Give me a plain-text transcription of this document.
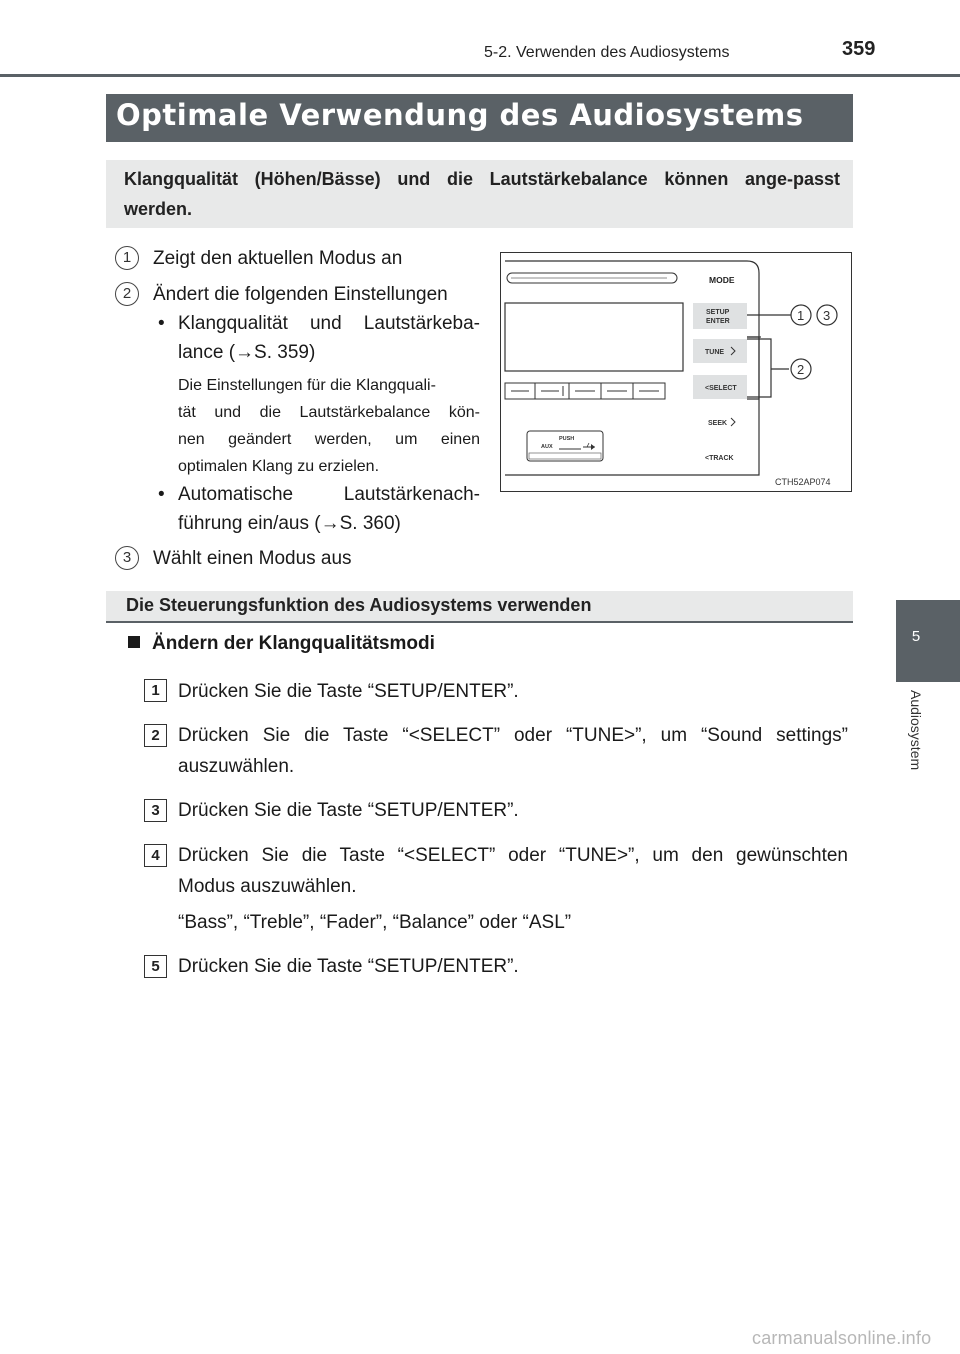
5-2. Verwenden des Audiosystems	359
5
Audiosystem
Optimale Verwendung des Audiosystems
Klangqualität (Höhen/Bässe) und die Lautstärkebalance können ange-passt werden.
1	Zeigt den aktuellen Modus an
2	Ändert die folgenden Einstellungen
• Klangqualität und Lautstärkeba-
lance (→S. 359)
Die Einstellungen für die Klangquali-
tät und die Lautstärkebalance kön-
nen geändert werden, um einen
optimalen Klang zu erzielen.
• Automatische Lautstärkenach-
führung ein/aus (→S. 360)
3	Wählt einen Modus aus
PUSH
AUX
MODE
SETUP
ENTER
TUNE
<SELECT
SEEK
<TRACK
1 3
2
CTH52AP074
Die Steuerungsfunktion des Audiosystems verwenden
Ändern der Klangqualitätsmodi
1 Drücken Sie die Taste “SETUP/ENTER”.
2 Drücken Sie die Taste “<SELECT” oder “TUNE>”, um “Sound settings”
auszuwählen.
3 Drücken Sie die Taste “SETUP/ENTER”.
4 Drücken Sie die Taste “<SELECT” oder “TUNE>”, um den gewünschten
Modus auszuwählen.
“Bass”, “Treble”, “Fader”, “Balance” oder “ASL”
5 Drücken Sie die Taste “SETUP/ENTER”.
carmanualsonline.info
